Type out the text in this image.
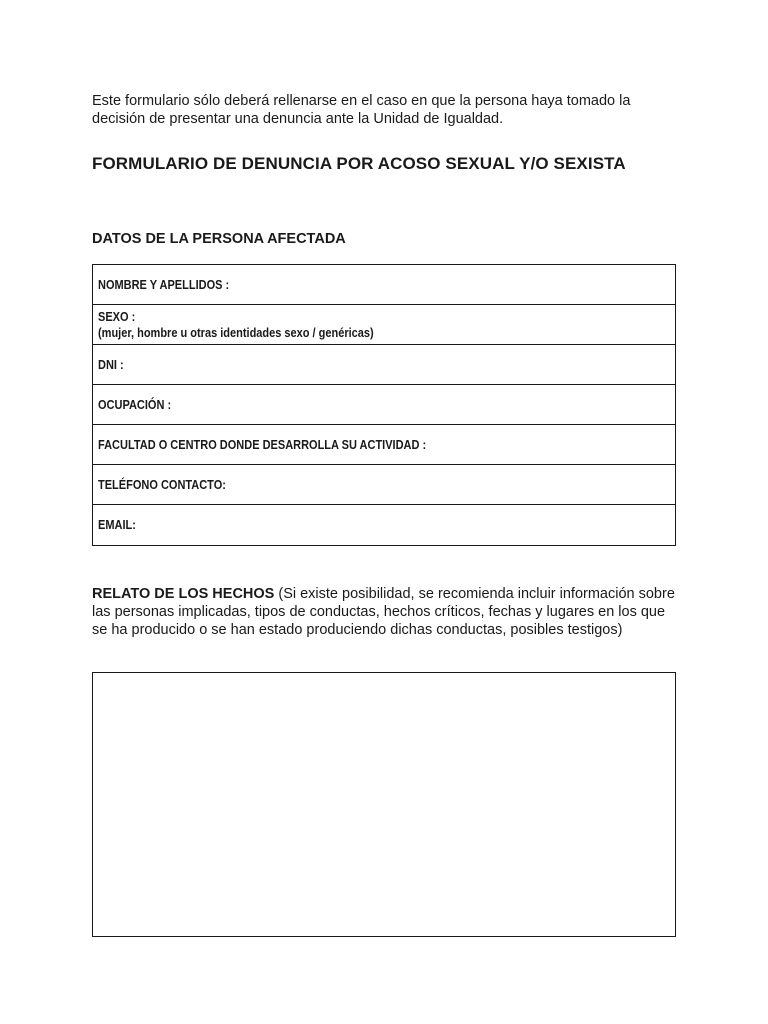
Este formulario sólo deberá rellenarse en el caso en que la persona haya tomado la decisión de presentar una denuncia ante la Unidad de Igualdad.

FORMULARIO DE DENUNCIA POR ACOSO SEXUAL Y/O SEXISTA
DATOS DE LA PERSONA AFECTADA
NOMBRE Y APELLIDOS :
SEXO :
(mujer, hombre u otras identidades sexo / genéricas)
DNI :
OCUPACIÓN :
FACULTAD O CENTRO DONDE DESARROLLA SU ACTIVIDAD :
TELÉFONO CONTACTO:
EMAIL:

RELATO DE LOS HECHOS (Si existe posibilidad, se recomienda incluir información sobre las personas implicadas, tipos de conductas, hechos críticos, fechas y lugares en los que se ha producido o se han estado produciendo dichas conductas, posibles testigos)
